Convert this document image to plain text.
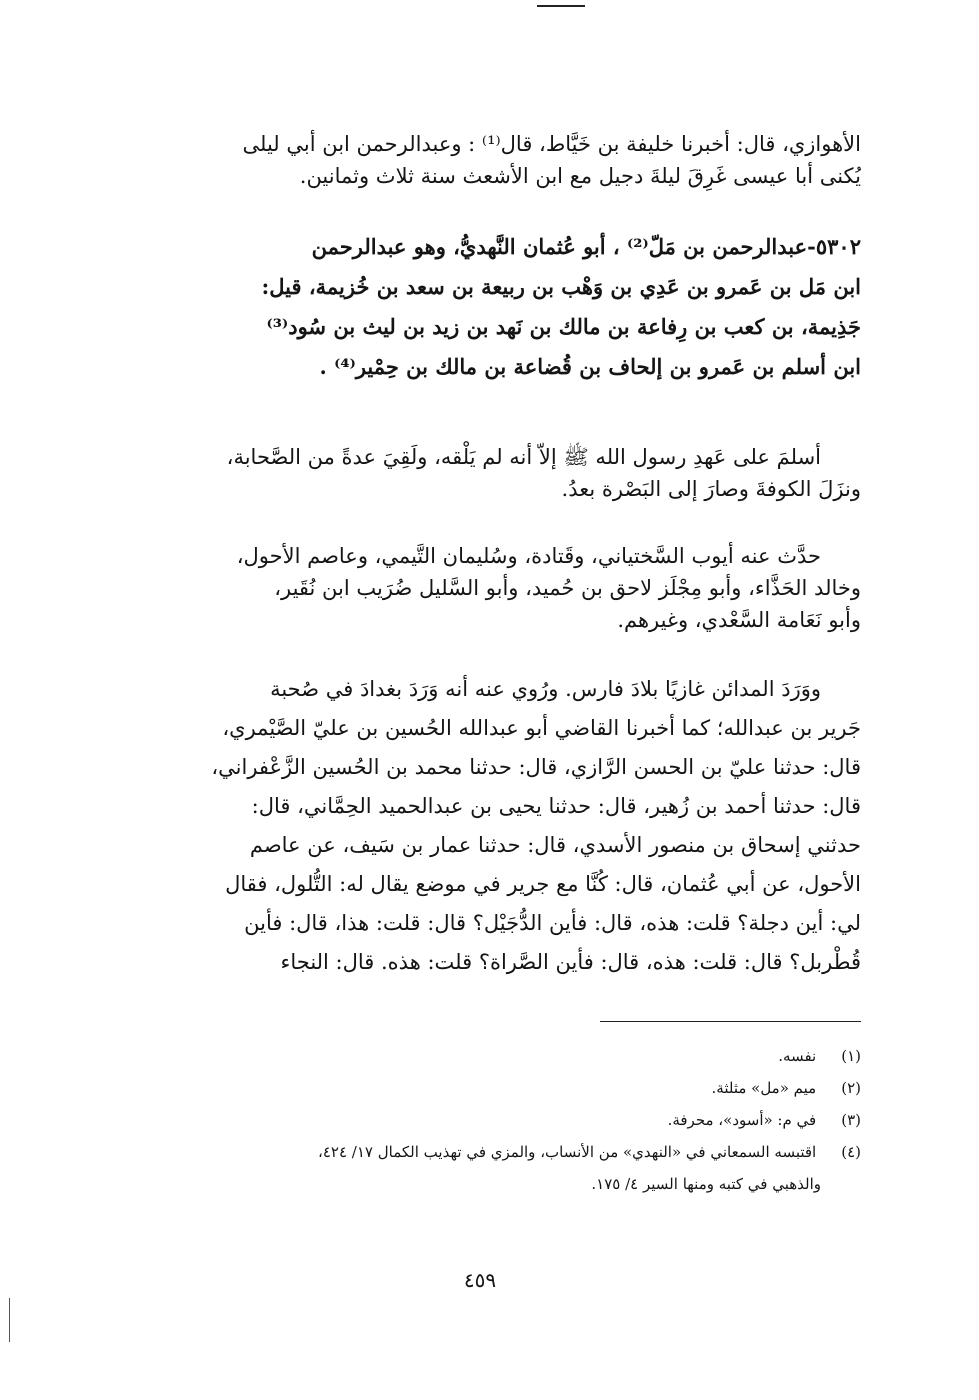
الأهوازي، قال: أخبرنا خليفة بن خَيَّاط، قال⁽¹⁾ : وعبدالرحمن ابن أبي ليلى
يُكنى أبا عيسى غَرِقَ ليلةَ دجيل مع ابن الأشعث سنة ثلاث وثمانين.
٥٣٠٢-عبدالرحمن بن مَلّ⁽²⁾ ، أبو عُثمان النَّهديُّ، وهو عبدالرحمن
ابن مَل بن عَمرو بن عَدِي بن وَهْب بن ربيعة بن سعد بن خُزيمة، قيل:
جَذِيمة، بن كعب بن رِفاعة بن مالك بن نَهد بن زيد بن ليث بن سُود⁽³⁾
ابن أسلم بن عَمرو بن إلحاف بن قُضاعة بن مالك بن حِمْير⁽⁴⁾ .
أسلمَ على عَهدِ رسول الله ﷺ إلاّ أنه لم يَلْقه، ولَقِيَ عدةً من الصَّحابة،
ونزَلَ الكوفةَ وصارَ إلى البَصْرة بعدُ.
حدَّث عنه أيوب السَّختياني، وقَتادة، وسُليمان التَّيمي، وعاصم الأحول،
وخالد الحَذَّاء، وأبو مِجْلَز لاحق بن حُميد، وأبو السَّليل ضُرَيب ابن نُقَير،
وأبو نَعَامة السَّعْدي، وغيرهم.
ووَرَدَ المدائن غازيًا بلادَ فارس. ورُوي عنه أنه وَرَدَ بغدادَ في صُحبة
جَرير بن عبدالله؛ كما أخبرنا القاضي أبو عبدالله الحُسين بن عليّ الصَّيْمري،
قال: حدثنا عليّ بن الحسن الرَّازي، قال: حدثنا محمد بن الحُسين الزَّعْفراني،
قال: حدثنا أحمد بن زُهير، قال: حدثنا يحيى بن عبدالحميد الحِمَّاني، قال:
حدثني إسحاق بن منصور الأسدي، قال: حدثنا عمار بن سَيف، عن عاصم
الأحول، عن أبي عُثمان، قال: كُنَّا مع جرير في موضع يقال له: التُّلول، فقال
لي: أين دجلة؟ قلت: هذه، قال: فأين الدُّجَيْل؟ قال: قلت: هذا، قال: فأين
قُطْربل؟ قال: قلت: هذه، قال: فأين الصَّراة؟ قلت: هذه. قال: النجاء
(١) نفسه.
(٢) ميم «مل» مثلثة.
(٣) في م: «أسود»، محرفة.
(٤) اقتبسه السمعاني في «النهدي» من الأنساب، والمزي في تهذيب الكمال ١٧/ ٤٢٤،
والذهبي في كتبه ومنها السير ٤/ ١٧٥.
٤٥٩
